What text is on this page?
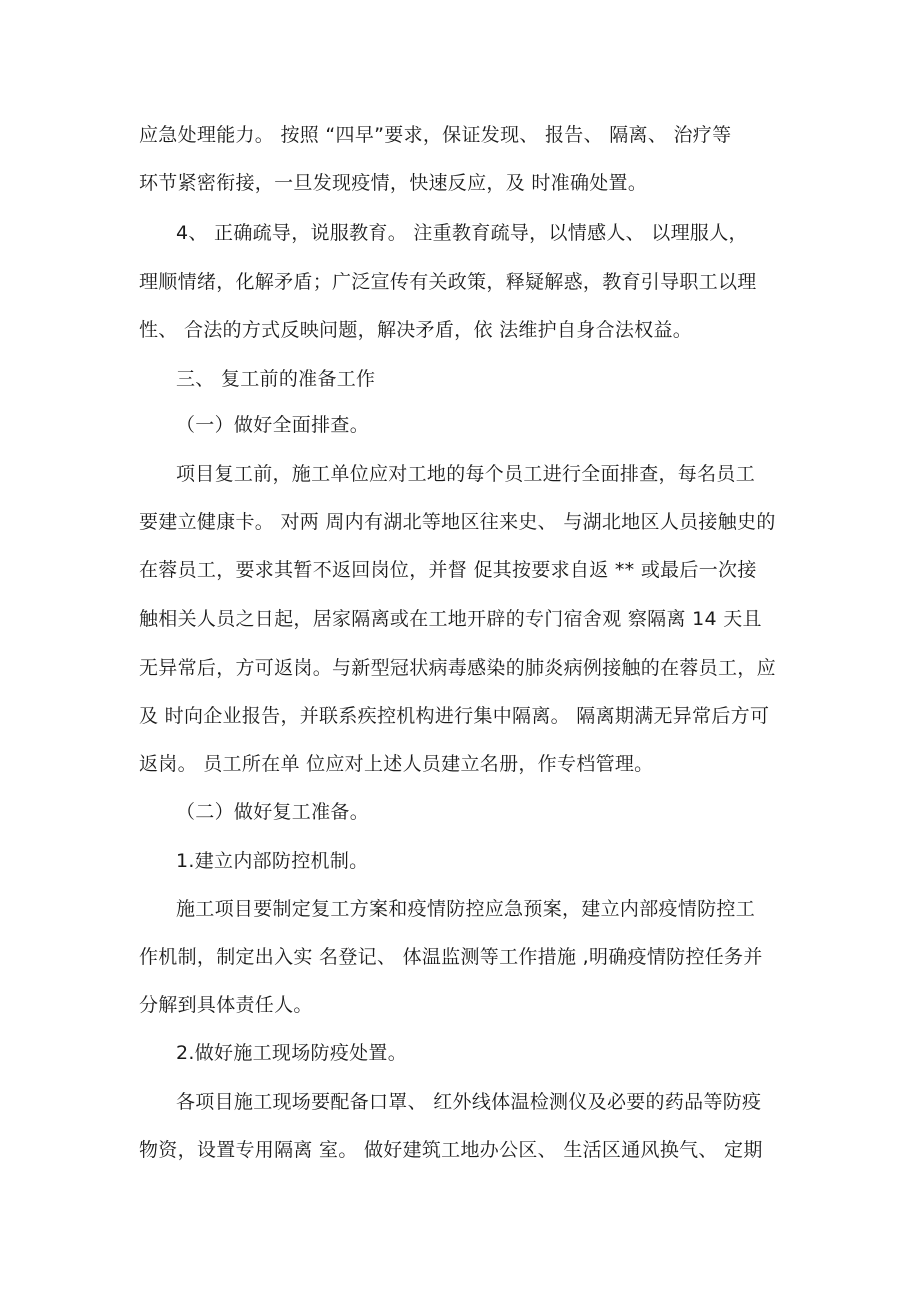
应急处理能力。 按照 “四早”要求，保证发现、 报告、 隔离、 治疗等
环节紧密衔接，一旦发现疫情，快速反应，及 时准确处置。
4、 正确疏导，说服教育。 注重教育疏导，以情感人、 以理服人，
理顺情绪，化解矛盾；广泛宣传有关政策，释疑解惑，教育引导职工以理
性、 合法的方式反映问题，解决矛盾，依 法维护自身合法权益。
三、 复工前的准备工作
（一）做好全面排查。
项目复工前，施工单位应对工地的每个员工进行全面排查，每名员工
要建立健康卡。 对两 周内有湖北等地区往来史、 与湖北地区人员接触史的
在蓉员工，要求其暂不返回岗位，并督 促其按要求自返 ** 或最后一次接
触相关人员之日起，居家隔离或在工地开辟的专门宿舍观 察隔离 14 天且
无异常后，方可返岗。与新型冠状病毒感染的肺炎病例接触的在蓉员工，应
及 时向企业报告，并联系疾控机构进行集中隔离。 隔离期满无异常后方可
返岗。 员工所在单 位应对上述人员建立名册，作专档管理。
（二）做好复工准备。
1.建立内部防控机制。
施工项目要制定复工方案和疫情防控应急预案，建立内部疫情防控工
作机制，制定出入实 名登记、 体温监测等工作措施 ,明确疫情防控任务并
分解到具体责任人。
2.做好施工现场防疫处置。
各项目施工现场要配备口罩、 红外线体温检测仪及必要的药品等防疫
物资，设置专用隔离 室。 做好建筑工地办公区、 生活区通风换气、 定期
